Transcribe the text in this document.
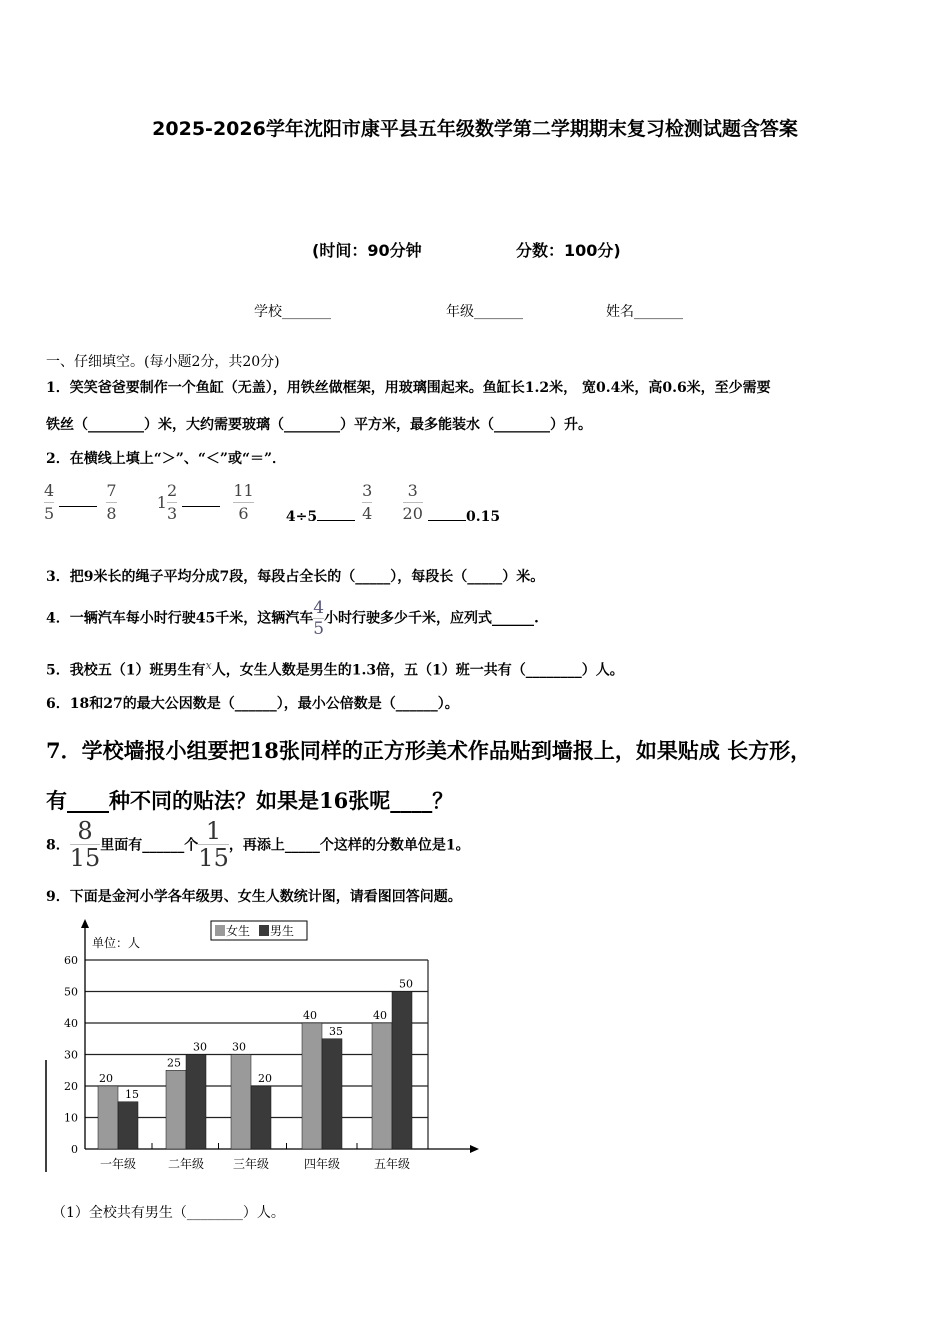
2025-2026学年沈阳市康平县五年级数学第二学期期末复习检测试题含答案
(时间：90分钟	分数：100分)
学校_______	年级_______	姓名_______
一、仔细填空。(每小题2分，共20分)
1．笑笑爸爸要制作一个鱼缸（无盖），用铁丝做框架，用玻璃围起来。鱼缸长1.2米， 宽0.4米，高0.6米，至少需要
铁丝（________）米，大约需要玻璃（________）平方米，最多能装水（________）升。
2．在横线上填上“＞”、“＜”或“＝”．
$\frac{4}{5}$
	$\frac{7}{8}$	$1 \frac{2}{3}$
	$\frac{11}{6} 4\div 5$	$\frac{3}{4}$
$\frac{3}{20}$	0.15
3．把9米长的绳子平均分成7段，每段占全长的（_____），每段长（_____）米。
4．一辆汽车每小时行驶45千米，这辆汽车 $\frac{4}{5}$ 小时行驶多少千米，应列式______.
5．我校五（1）班男生有$^x$人，女生人数是男生的1.3倍，五（1）班一共有（________）人。
6．18和27的最大公因数是（______），最小公倍数是（______）。
7．学校墙报小组要把18张同样的正方形美术作品贴到墙报上，如果贴成 长方形，
有____种不同的贴法？如果是16张呢____？
8． $\frac{8}{15}$ 里面有______个 $\frac{1}{15}$ ，再添上_____个这样的分数单位是1。
9．下面是金河小学各年级男、女生人数统计图，请看图回答问题。
0
10
20
30
40
50
60
单位：人
女生 男生
20
15
一年级
25
30
二年级
30
20
三年级
40
35
四年级
40
50
五年级
（1）全校共有男生（________）人。
